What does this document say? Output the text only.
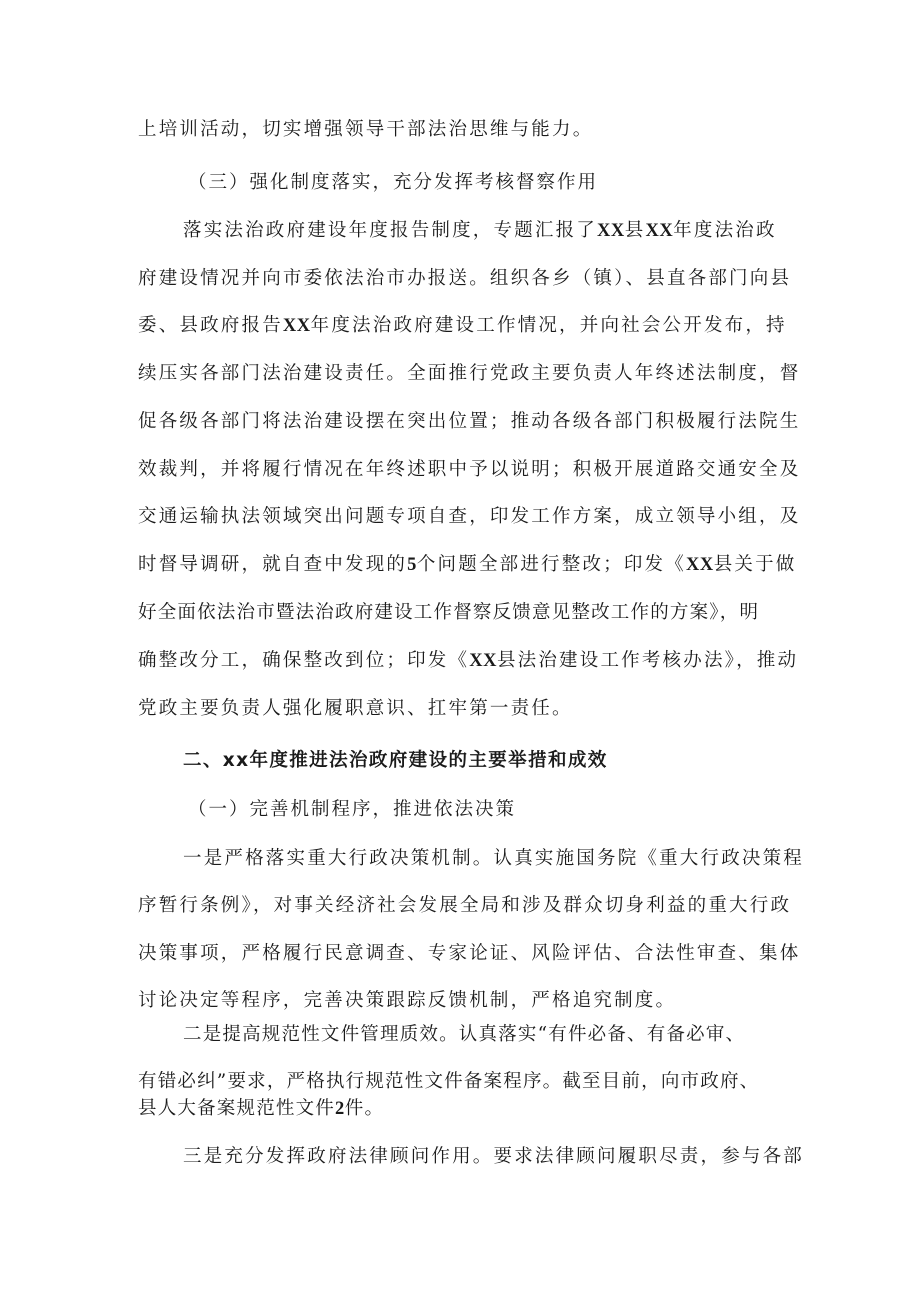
上培训活动，切实增强领导干部法治思维与能力。
（三）强化制度落实，充分发挥考核督察作用
落实法治政府建设年度报告制度，专题汇报了XX县XX年度法治政
府建设情况并向市委依法治市办报送。组织各乡（镇）、县直各部门向县
委、县政府报告XX年度法治政府建设工作情况，并向社会公开发布，持
续压实各部门法治建设责任。全面推行党政主要负责人年终述法制度，督
促各级各部门将法治建设摆在突出位置；推动各级各部门积极履行法院生
效裁判，并将履行情况在年终述职中予以说明；积极开展道路交通安全及
交通运输执法领域突出问题专项自查，印发工作方案，成立领导小组，及
时督导调研，就自查中发现的5个问题全部进行整改；印发《XX县关于做
好全面依法治市暨法治政府建设工作督察反馈意见整改工作的方案》，明
确整改分工，确保整改到位；印发《XX县法治建设工作考核办法》，推动
党政主要负责人强化履职意识、扛牢第一责任。
二、xx年度推进法治政府建设的主要举措和成效
（一）完善机制程序，推进依法决策
一是严格落实重大行政决策机制。认真实施国务院《重大行政决策程
序暂行条例》，对事关经济社会发展全局和涉及群众切身利益的重大行政
决策事项，严格履行民意调查、专家论证、风险评估、合法性审查、集体
讨论决定等程序，完善决策跟踪反馈机制，严格追究制度。
二是提高规范性文件管理质效。认真落实“有件必备、有备必审、
有错必纠”要求，严格执行规范性文件备案程序。截至目前，向市政府、
县人大备案规范性文件2件。
三是充分发挥政府法律顾问作用。要求法律顾问履职尽责，参与各部
